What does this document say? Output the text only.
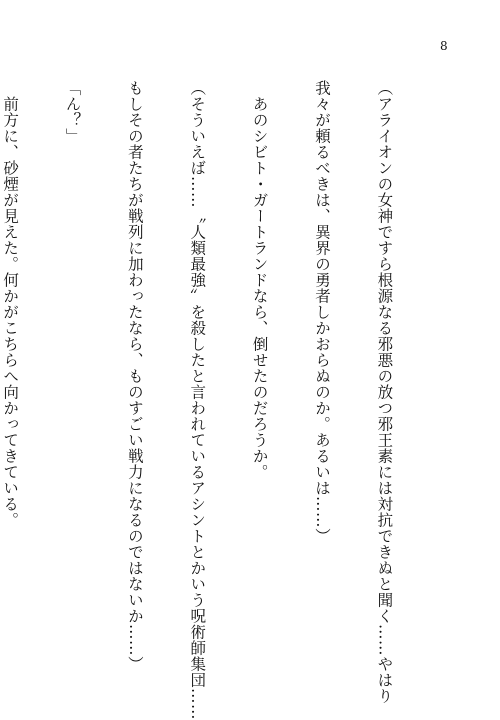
8

（アライオンの女神ですら根源なる邪悪の放つ邪王素には対抗できぬと聞く……やはり

我々が頼るべきは、異界の勇者しかおらぬのか。あるいは……）

　あのシビト・ガートランドなら、倒せたのだろうか。

（そういえば……〝人類最強〟を殺したと言われているアシントとかいう呪術師集団……

もしその者たちが戦列に加わったなら、ものすごい戦力になるのではないか……）

「ん？」

　前方に、砂煙が見えた。何かがこちらへ向かってきている。
